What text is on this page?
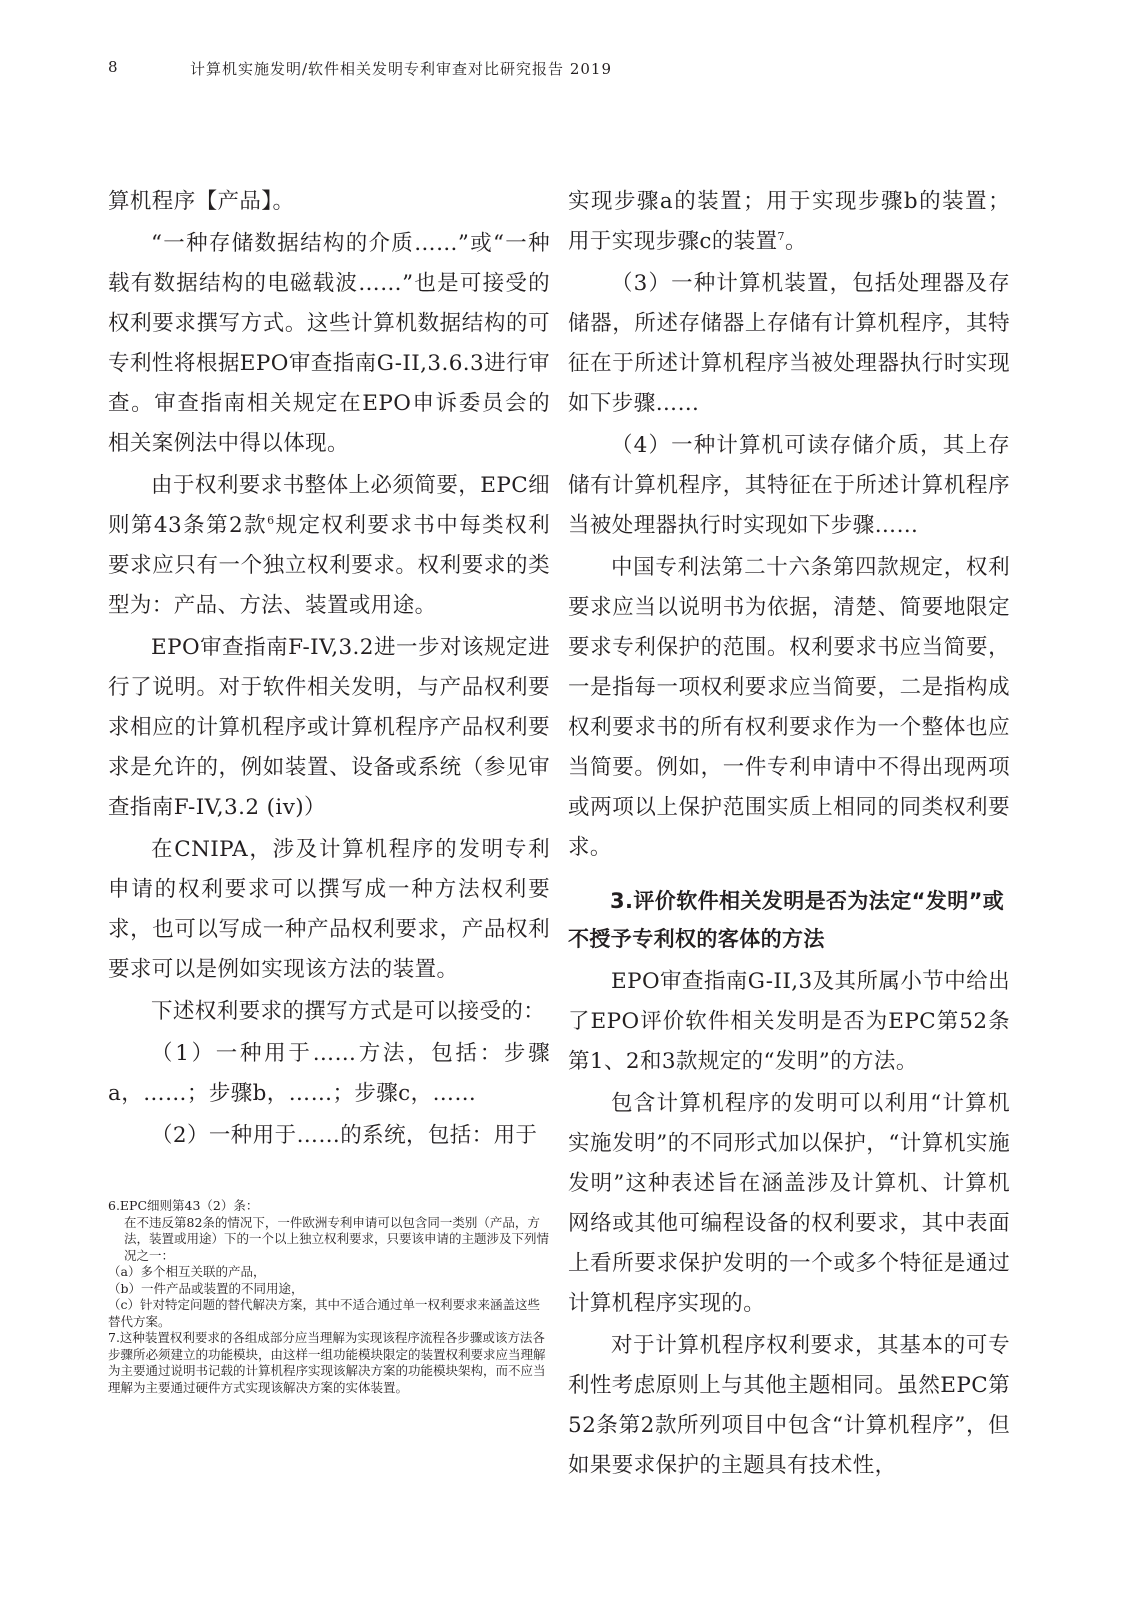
8	计算机实施发明/软件相关发明专利审查对比研究报告 2019

算机程序【产品】。

“一种存储数据结构的介质……”或“一种载有数据结构的电磁载波……”也是可接受的权利要求撰写方式。这些计算机数据结构的可专利性将根据EPO审查指南G-II,3.6.3进行审查。审查指南相关规定在EPO申诉委员会的相关案例法中得以体现。

由于权利要求书整体上必须简要，EPC细则第43条第2款$^6$规定权利要求书中每类权利要求应只有一个独立权利要求。权利要求的类型为：产品、方法、装置或用途。

EPO审查指南F-IV,3.2进一步对该规定进行了说明。对于软件相关发明，与产品权利要求相应的计算机程序或计算机程序产品权利要求是允许的，例如装置、设备或系统（参见审查指南F-IV,3.2 (iv)）

在CNIPA，涉及计算机程序的发明专利申请的权利要求可以撰写成一种方法权利要求，也可以写成一种产品权利要求，产品权利要求可以是例如实现该方法的装置。

下述权利要求的撰写方式是可以接受的：

（1）一种用于……方法，包括：步骤a，……；步骤b，……；步骤c，……

（2）一种用于……的系统，包括：用于

实现步骤a的装置；用于实现步骤b的装置；用于实现步骤c的装置$^7$。

（3）一种计算机装置，包括处理器及存储器，所述存储器上存储有计算机程序，其特征在于所述计算机程序当被处理器执行时实现如下步骤……

（4）一种计算机可读存储介质，其上存储有计算机程序，其特征在于所述计算机程序当被处理器执行时实现如下步骤……

中国专利法第二十六条第四款规定，权利要求应当以说明书为依据，清楚、简要地限定要求专利保护的范围。权利要求书应当简要，一是指每一项权利要求应当简要，二是指构成权利要求书的所有权利要求作为一个整体也应当简要。例如，一件专利申请中不得出现两项或两项以上保护范围实质上相同的同类权利要求。

3.评价软件相关发明是否为法定“发明”或不授予专利权的客体的方法

EPO审查指南G-II,3及其所属小节中给出了EPO评价软件相关发明是否为EPC第52条第1、2和3款规定的“发明”的方法。

包含计算机程序的发明可以利用“计算机实施发明”的不同形式加以保护，“计算机实施发明”这种表述旨在涵盖涉及计算机、计算机网络或其他可编程设备的权利要求，其中表面上看所要求保护发明的一个或多个特征是通过计算机程序实现的。

对于计算机程序权利要求，其基本的可专利性考虑原则上与其他主题相同。虽然EPC第52条第2款所列项目中包含“计算机程序”，但如果要求保护的主题具有技术性，

6.EPC细则第43（2）条：
在不违反第82条的情况下，一件欧洲专利申请可以包含同一类别（产品，方法，装置或用途）下的一个以上独立权利要求，只要该申请的主题涉及下列情况之一：
（a）多个相互关联的产品，
（b）一件产品或装置的不同用途，
（c）针对特定问题的替代解决方案，其中不适合通过单一权利要求来涵盖这些替代方案。
7.这种装置权利要求的各组成部分应当理解为实现该程序流程各步骤或该方法各步骤所必须建立的功能模块，由这样一组功能模块限定的装置权利要求应当理解为主要通过说明书记载的计算机程序实现该解决方案的功能模块架构，而不应当理解为主要通过硬件方式实现该解决方案的实体装置。
